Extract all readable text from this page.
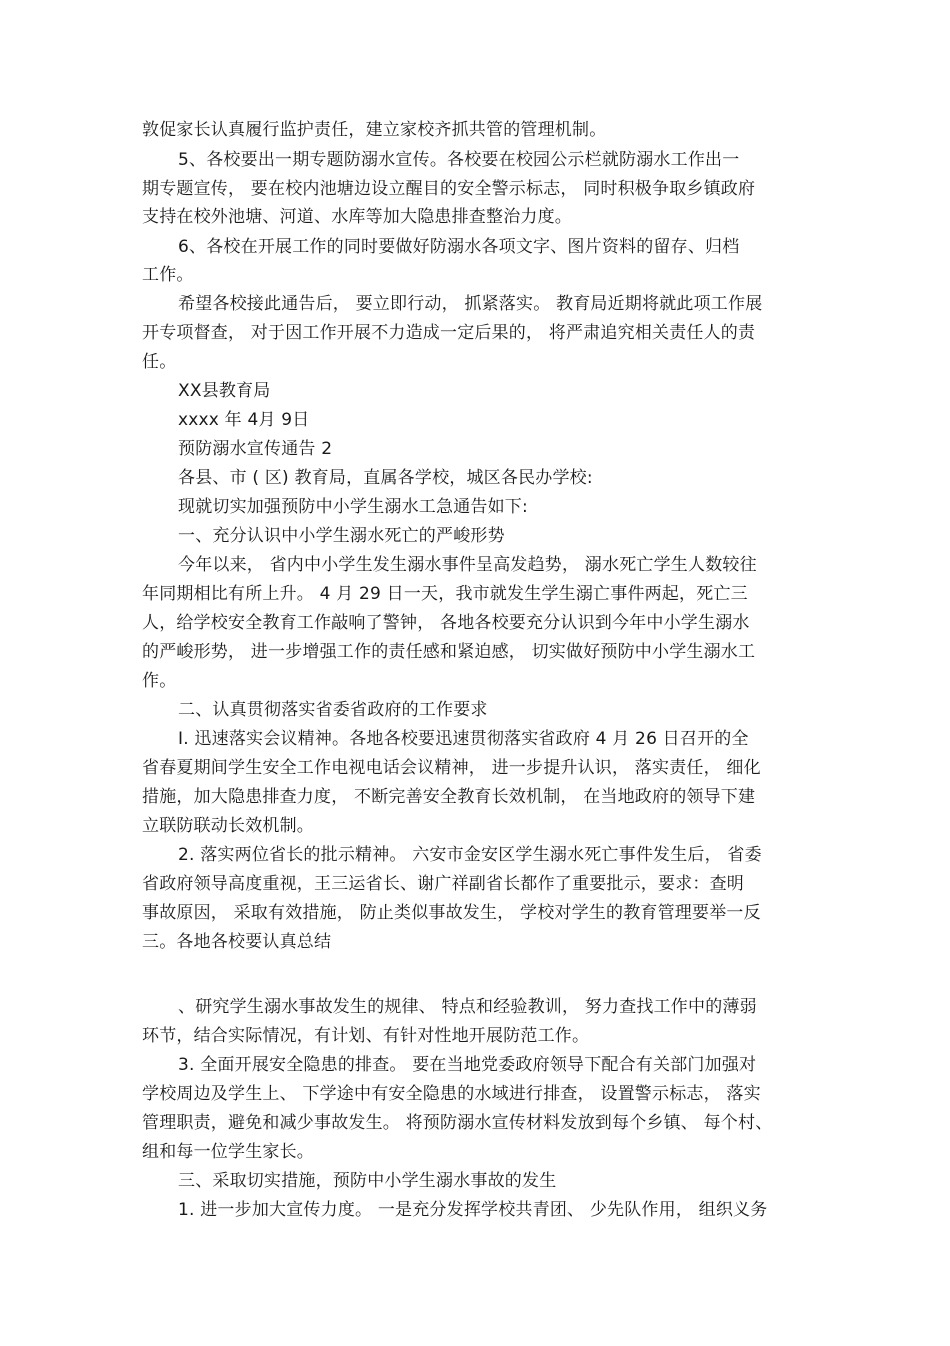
敦促家长认真履行监护责任，建立家校齐抓共管的管理机制。
5、各校要出一期专题防溺水宣传。各校要在校园公示栏就防溺水工作出一
期专题宣传， 要在校内池塘边设立醒目的安全警示标志， 同时积极争取乡镇政府
支持在校外池塘、河道、水库等加大隐患排查整治力度。
6、各校在开展工作的同时要做好防溺水各项文字、图片资料的留存、归档
工作。
希望各校接此通告后， 要立即行动， 抓紧落实。 教育局近期将就此项工作展
开专项督查， 对于因工作开展不力造成一定后果的， 将严肃追究相关责任人的责
任。
XX县教育局
xxxx 年 4月 9日
预防溺水宣传通告 2
各县、市 ( 区) 教育局，直属各学校，城区各民办学校:
现就切实加强预防中小学生溺水工急通告如下:
一、充分认识中小学生溺水死亡的严峻形势
今年以来， 省内中小学生发生溺水事件呈高发趋势， 溺水死亡学生人数较往
年同期相比有所上升。 4 月 29 日一天，我市就发生学生溺亡事件两起，死亡三
人，给学校安全教育工作敲响了警钟， 各地各校要充分认识到今年中小学生溺水
的严峻形势， 进一步增强工作的责任感和紧迫感， 切实做好预防中小学生溺水工
作。
二、认真贯彻落实省委省政府的工作要求
I. 迅速落实会议精神。各地各校要迅速贯彻落实省政府 4 月 26 日召开的全
省春夏期间学生安全工作电视电话会议精神， 进一步提升认识， 落实责任， 细化
措施，加大隐患排查力度， 不断完善安全教育长效机制， 在当地政府的领导下建
立联防联动长效机制。
2. 落实两位省长的批示精神。 六安市金安区学生溺水死亡事件发生后， 省委
省政府领导高度重视，王三运省长、谢广祥副省长都作了重要批示，要求：查明
事故原因， 采取有效措施， 防止类似事故发生， 学校对学生的教育管理要举一反
三。各地各校要认真总结
、研究学生溺水事故发生的规律、 特点和经验教训， 努力查找工作中的薄弱
环节，结合实际情况，有计划、有针对性地开展防范工作。
3. 全面开展安全隐患的排查。 要在当地党委政府领导下配合有关部门加强对
学校周边及学生上、 下学途中有安全隐患的水域进行排查， 设置警示标志， 落实
管理职责，避免和减少事故发生。 将预防溺水宣传材料发放到每个乡镇、 每个村、
组和每一位学生家长。
三、采取切实措施，预防中小学生溺水事故的发生
1. 进一步加大宣传力度。 一是充分发挥学校共青团、 少先队作用， 组织义务
